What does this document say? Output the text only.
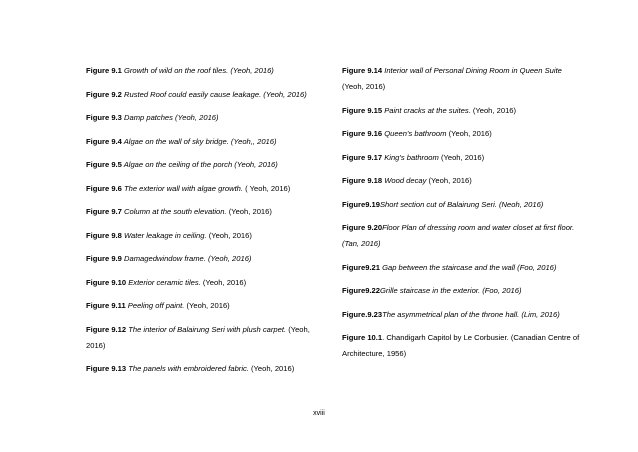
Figure 9.1 Growth of wild on the roof tiles. (Yeoh, 2016)
Figure 9.2 Rusted Roof could easily cause leakage. (Yeoh, 2016)
Figure 9.3 Damp patches (Yeoh, 2016)
Figure 9.4 Algae on the wall of sky bridge. (Yeoh,, 2016)
Figure 9.5 Algae on the ceiling of the porch (Yeoh, 2016)
Figure 9.6 The exterior wall with algae growth. ( Yeoh, 2016)
Figure 9.7 Column at the south elevation. (Yeoh, 2016)
Figure 9.8 Water leakage in ceiling. (Yeoh, 2016)
Figure 9.9 Damagedwindow frame. (Yeoh, 2016)
Figure 9.10 Exterior ceramic tiles. (Yeoh, 2016)
Figure 9.11 Peeling off paint. (Yeoh, 2016)
Figure 9.12 The interior of Balairung Seri with plush carpet. (Yeoh, 2016)
Figure 9.13 The panels with embroidered fabric. (Yeoh, 2016)
Figure 9.14 Interior wall of Personal Dining Room in Queen Suite (Yeoh, 2016)
Figure 9.15 Paint cracks at the suites. (Yeoh, 2016)
Figure 9.16 Queen's bathroom (Yeoh, 2016)
Figure 9.17 King's bathroom (Yeoh, 2016)
Figure 9.18 Wood decay (Yeoh, 2016)
Figure9.19Short section cut of Balairung Seri. (Neoh, 2016)
Figure 9.20Floor Plan of dressing room and water closet at first floor. (Tan, 2016)
Figure9.21 Gap between the staircase and the wall (Foo, 2016)
Figure9.22Grille staircase in the exterior. (Foo, 2016)
Figure.9.23The asymmetrical plan of the throne hall. (Lim, 2016)
Figure 10.1. Chandigarh Capitol by Le Corbusier. (Canadian Centre of Architecture, 1956)
xviii
